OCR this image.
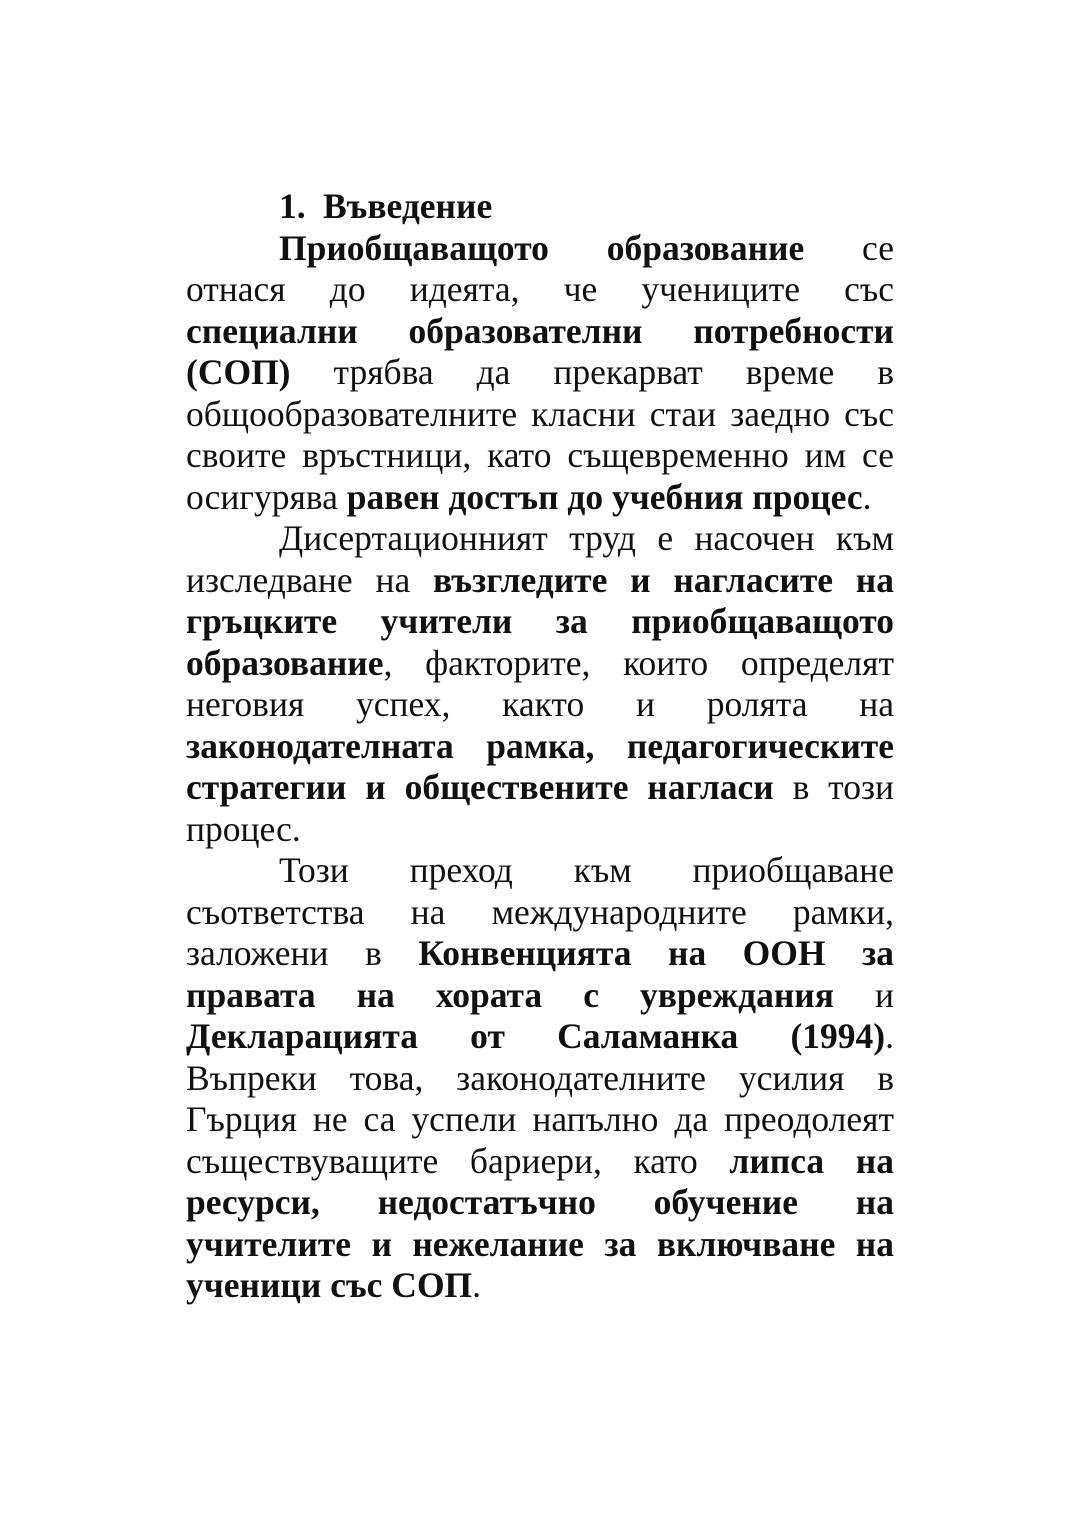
1. Въведение

Приобщаващото образование се отнася до идеята, че учениците със специални образователни потребности (СОП) трябва да прекарват време в общообразователните класни стаи заедно със своите връстници, като същевременно им се осигурява равен достъп до учебния процес.

Дисертационният труд е насочен към изследване на възгледите и нагласите на гръцките учители за приобщаващото образование, факторите, които определят неговия успех, както и ролята на законодателната рамка, педагогическите стратегии и обществените нагласи в този процес.

Този преход към приобщаване съответства на международните рамки, заложени в Конвенцията на ООН за правата на хората с увреждания и Декларацията от Саламанка (1994). Въпреки това, законодателните усилия в Гърция не са успели напълно да преодолеят съществуващите бариери, като липса на ресурси, недостатъчно обучение на учителите и нежелание за включване на ученици със СОП.
